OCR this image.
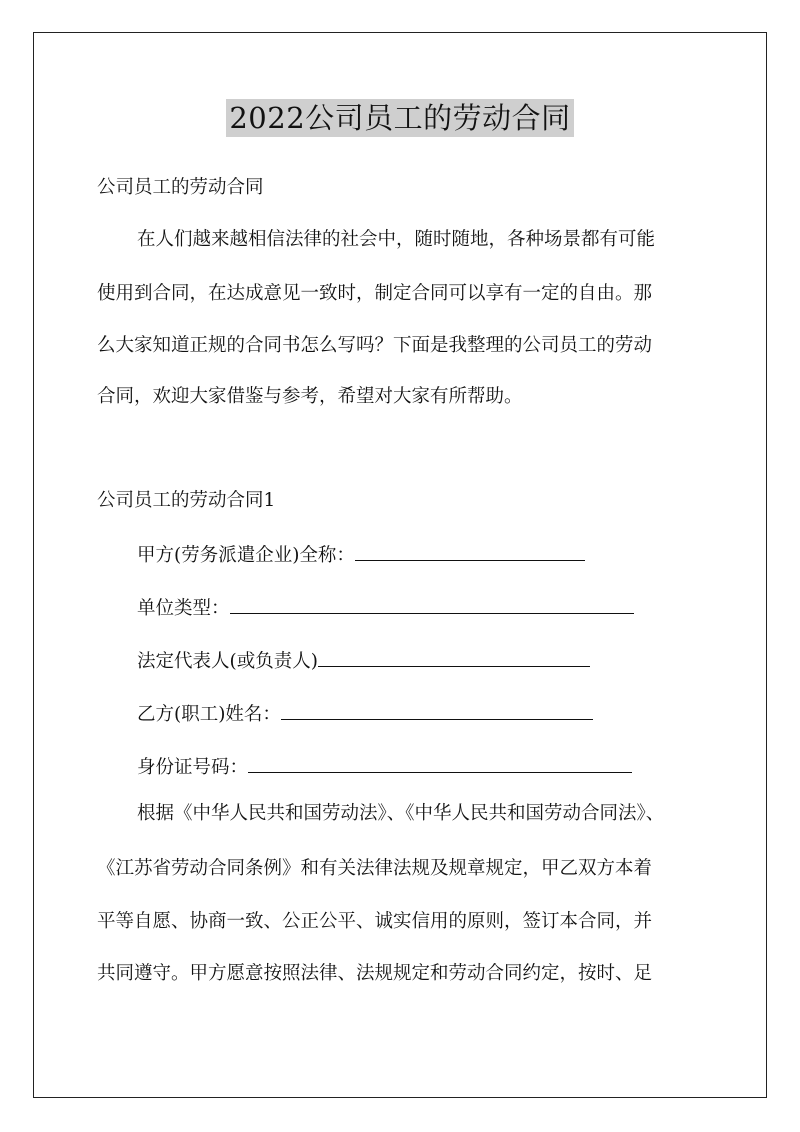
2022公司员工的劳动合同
公司员工的劳动合同
在人们越来越相信法律的社会中，随时随地，各种场景都有可能
使用到合同，在达成意见一致时，制定合同可以享有一定的自由。那
么大家知道正规的合同书怎么写吗？下面是我整理的公司员工的劳动
合同，欢迎大家借鉴与参考，希望对大家有所帮助。
公司员工的劳动合同1
甲方(劳务派遣企业)全称：
单位类型：
法定代表人(或负责人)
乙方(职工)姓名：
身份证号码：
根据《中华人民共和国劳动法》、《中华人民共和国劳动合同法》、
《江苏省劳动合同条例》和有关法律法规及规章规定，甲乙双方本着
平等自愿、协商一致、公正公平、诚实信用的原则，签订本合同，并
共同遵守。甲方愿意按照法律、法规规定和劳动合同约定，按时、足
